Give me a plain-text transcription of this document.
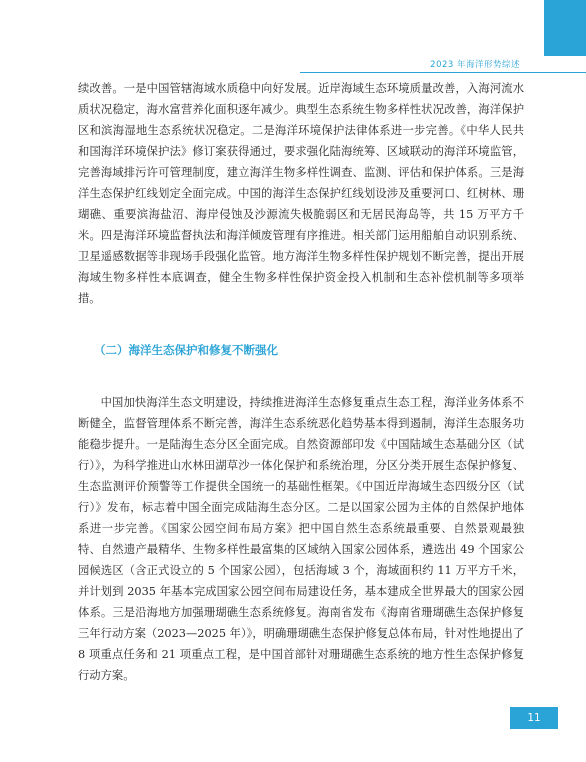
2023 年海洋形势综述

续改善。一是中国管辖海域水质稳中向好发展。近岸海域生态环境质量改善，入海河流水质状况稳定，海水富营养化面积逐年减少。典型生态系统生物多样性状况改善，海洋保护区和滨海湿地生态系统状况稳定。二是海洋环境保护法律体系进一步完善。《中华人民共和国海洋环境保护法》修订案获得通过，要求强化陆海统筹、区域联动的海洋环境监管，完善海域排污许可管理制度，建立海洋生物多样性调查、监测、评估和保护体系。三是海洋生态保护红线划定全面完成。中国的海洋生态保护红线划设涉及重要河口、红树林、珊瑚礁、重要滨海盐沼、海岸侵蚀及沙源流失极脆弱区和无居民海岛等，共 15 万平方千米。四是海洋环境监督执法和海洋倾废管理有序推进。相关部门运用船舶自动识别系统、卫星遥感数据等非现场手段强化监管。地方海洋生物多样性保护规划不断完善，提出开展海域生物多样性本底调查，健全生物多样性保护资金投入机制和生态补偿机制等多项举措。

（二）海洋生态保护和修复不断强化

中国加快海洋生态文明建设，持续推进海洋生态修复重点生态工程，海洋业务体系不断健全，监督管理体系不断完善，海洋生态系统恶化趋势基本得到遏制，海洋生态服务功能稳步提升。一是陆海生态分区全面完成。自然资源部印发《中国陆域生态基础分区（试行）》，为科学推进山水林田湖草沙一体化保护和系统治理，分区分类开展生态保护修复、生态监测评价预警等工作提供全国统一的基础性框架。《中国近岸海域生态四级分区（试行）》发布，标志着中国全面完成陆海生态分区。二是以国家公园为主体的自然保护地体系进一步完善。《国家公园空间布局方案》把中国自然生态系统最重要、自然景观最独特、自然遗产最精华、生物多样性最富集的区域纳入国家公园体系，遴选出 49 个国家公园候选区（含正式设立的 5 个国家公园），包括海域 3 个，海域面积约 11 万平方千米，并计划到 2035 年基本完成国家公园空间布局建设任务，基本建成全世界最大的国家公园体系。三是沿海地方加强珊瑚礁生态系统修复。海南省发布《海南省珊瑚礁生态保护修复三年行动方案（2023—2025 年）》，明确珊瑚礁生态保护修复总体布局，针对性地提出了 8 项重点任务和 21 项重点工程，是中国首部针对珊瑚礁生态系统的地方性生态保护修复行动方案。

11
